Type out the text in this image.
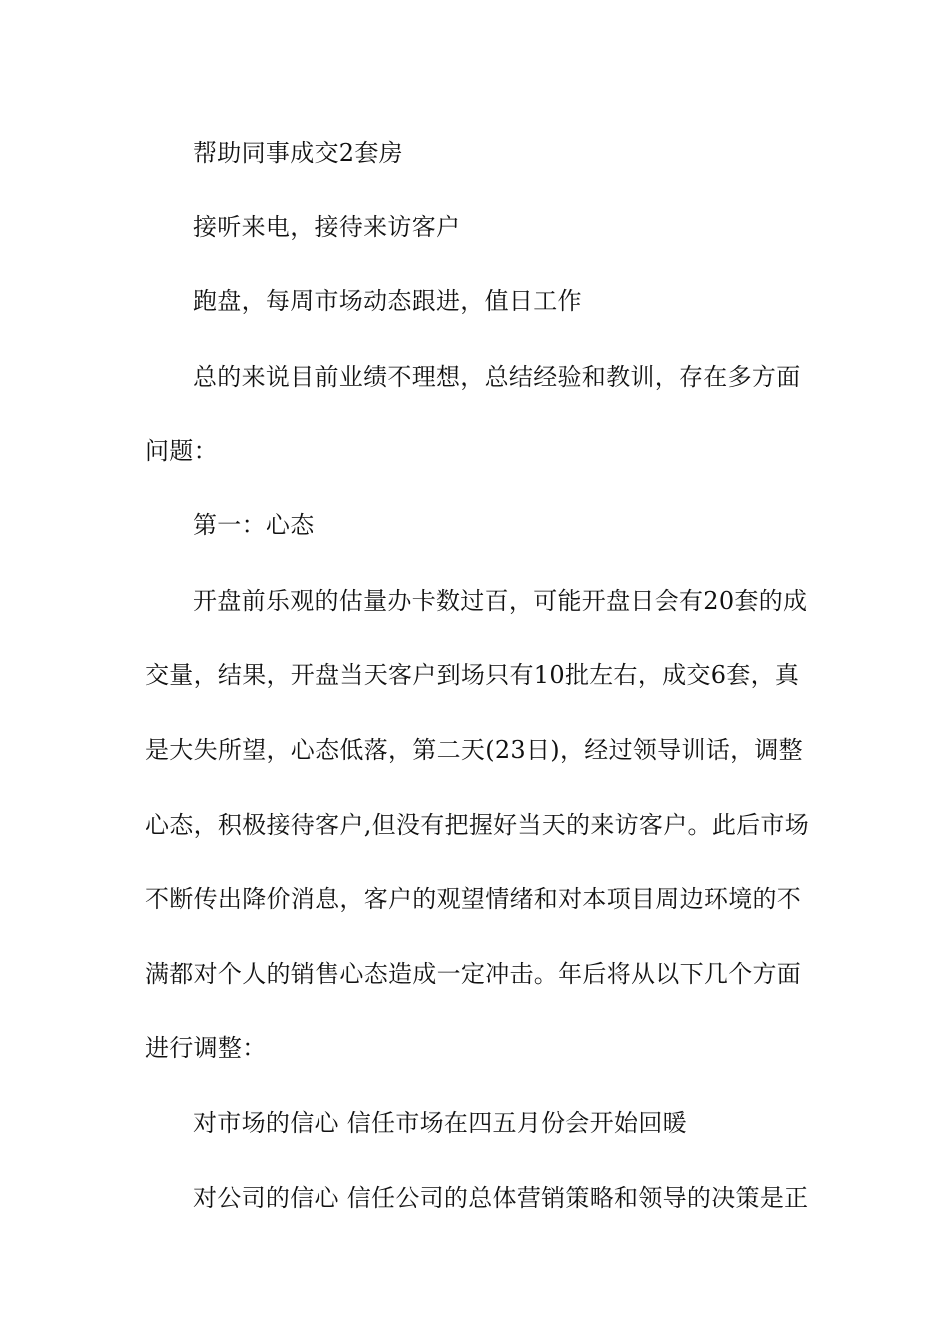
帮助同事成交2套房

接听来电，接待来访客户

跑盘，每周市场动态跟进，值日工作

总的来说目前业绩不理想，总结经验和教训，存在多方面

问题：

第一：心态

开盘前乐观的估量办卡数过百，可能开盘日会有20套的成

交量，结果，开盘当天客户到场只有10批左右，成交6套，真

是大失所望，心态低落，第二天(23日)，经过领导训话，调整

心态，积极接待客户,但没有把握好当天的来访客户。此后市场

不断传出降价消息，客户的观望情绪和对本项目周边环境的不

满都对个人的销售心态造成一定冲击。年后将从以下几个方面

进行调整：

对市场的信心 信任市场在四五月份会开始回暖

对公司的信心 信任公司的总体营销策略和领导的决策是正
